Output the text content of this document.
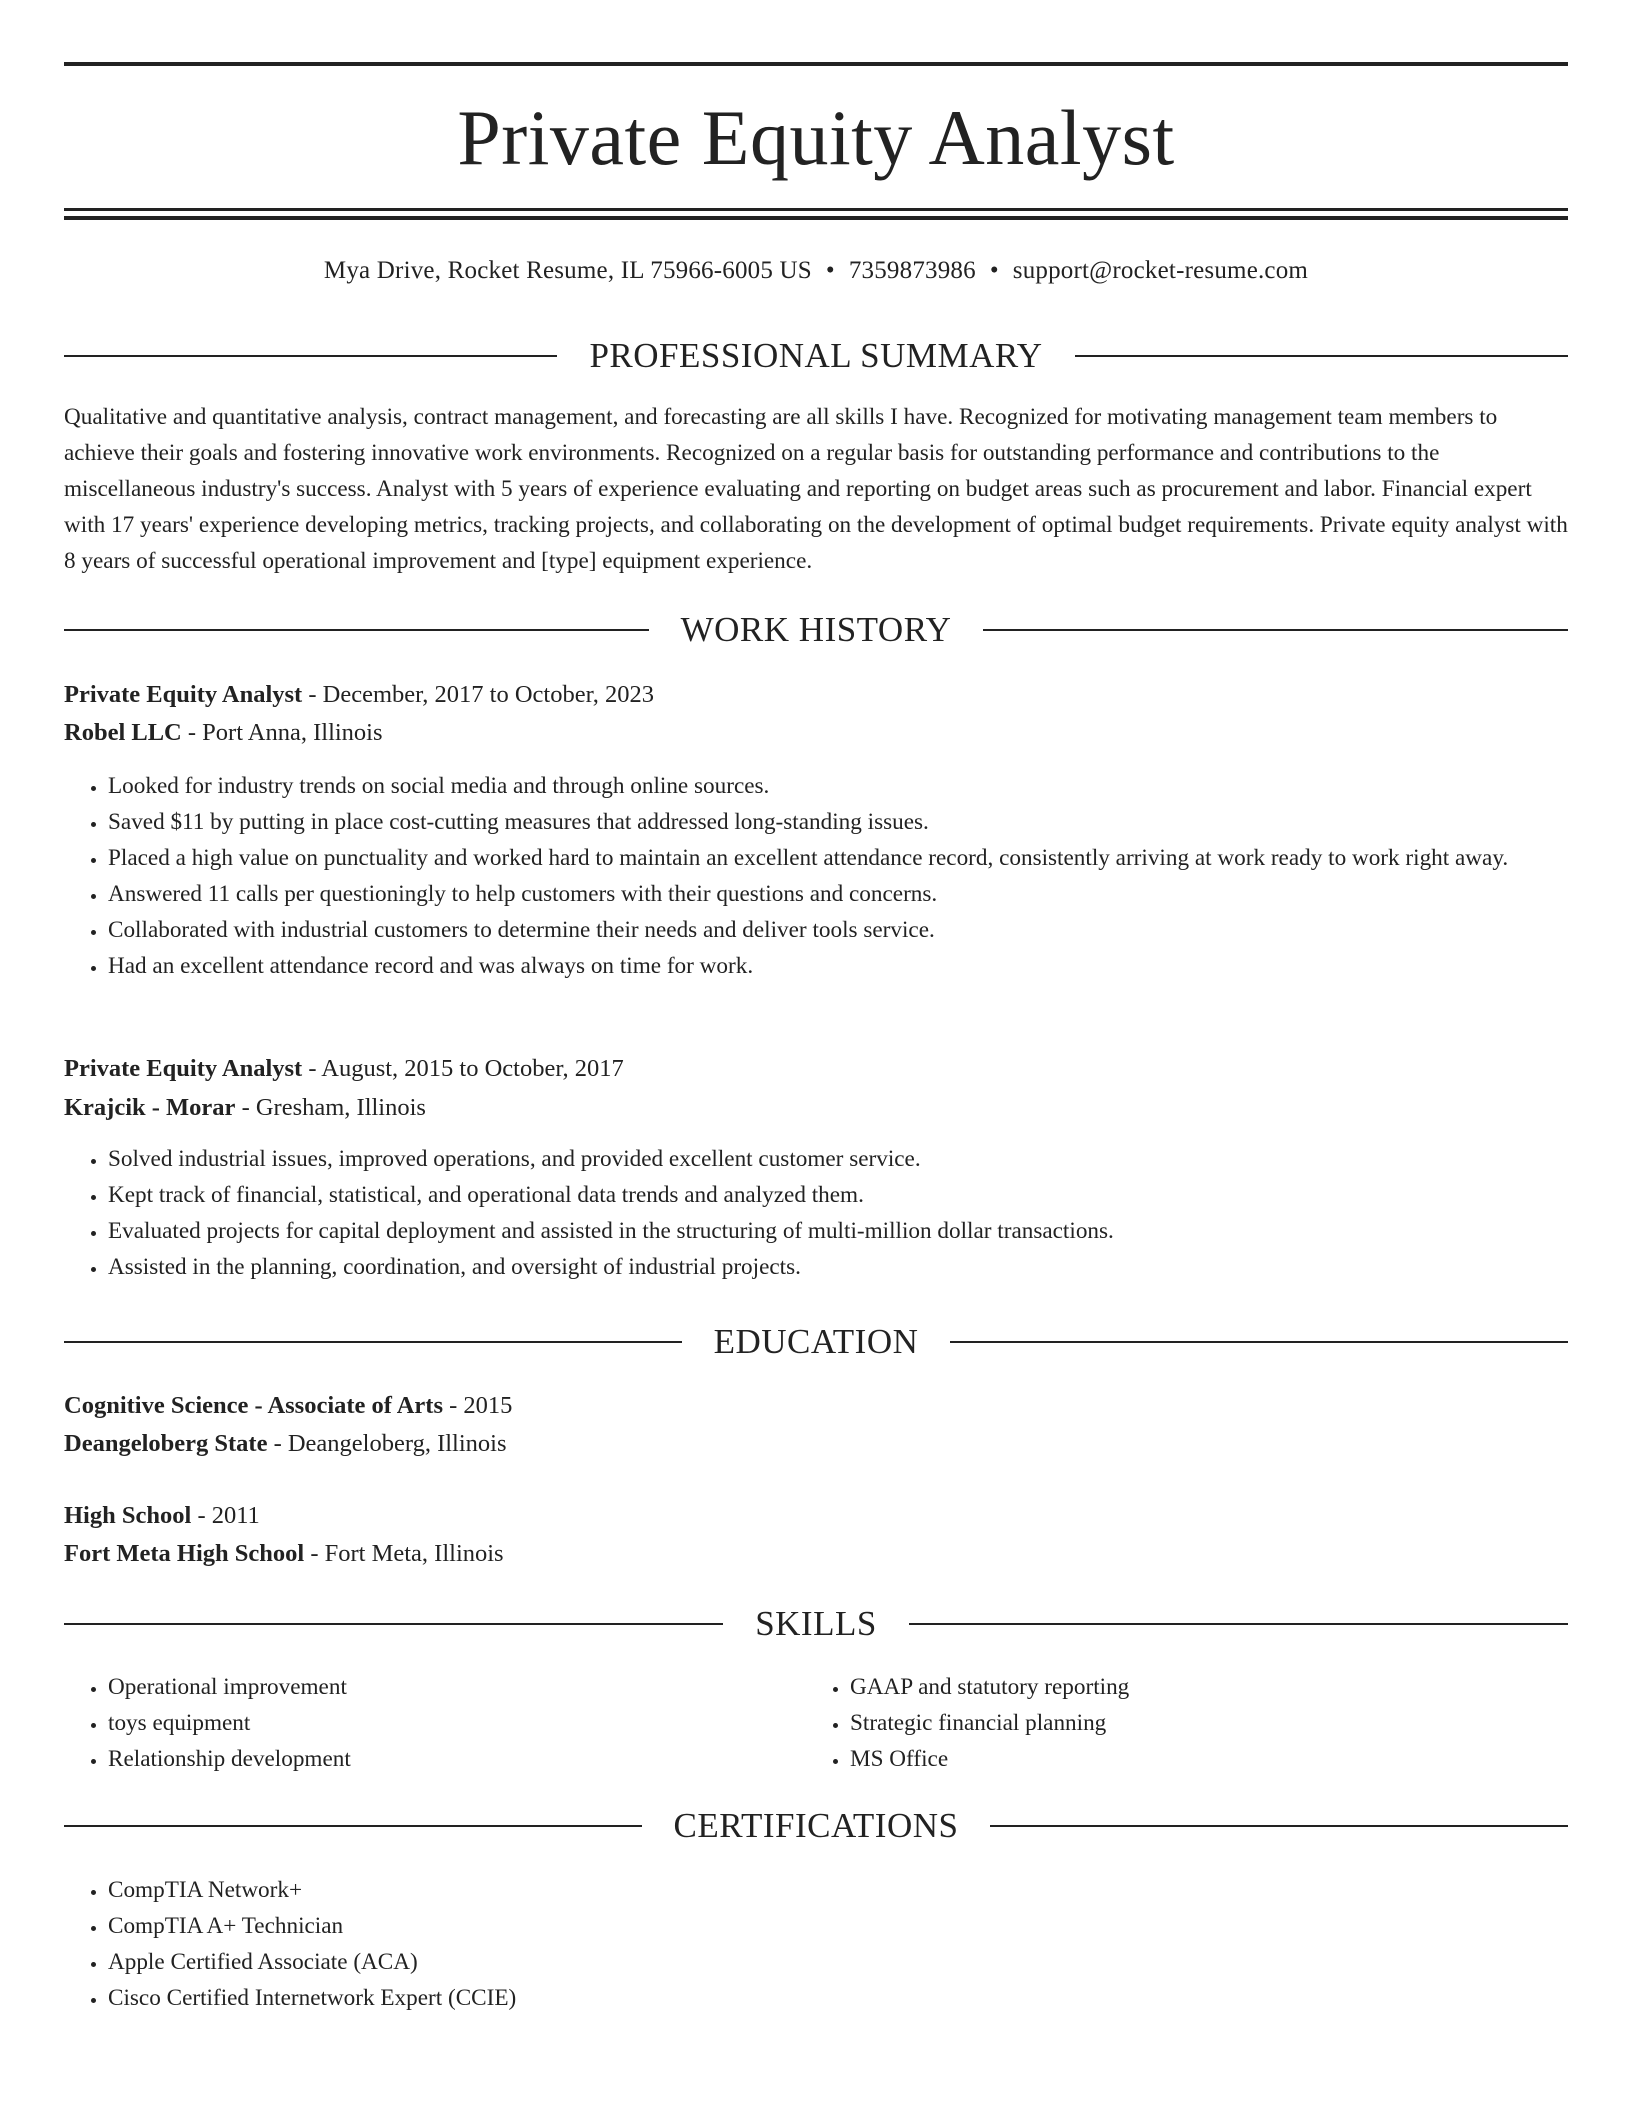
Private Equity Analyst
Mya Drive, Rocket Resume, IL 75966-6005 US • 7359873986 • support@rocket-resume.com
PROFESSIONAL SUMMARY

Qualitative and quantitative analysis, contract management, and forecasting are all skills I have. Recognized for motivating management team members to achieve their goals and fostering innovative work environments. Recognized on a regular basis for outstanding performance and contributions to the miscellaneous industry's success. Analyst with 5 years of experience evaluating and reporting on budget areas such as procurement and labor. Financial expert with 17 years' experience developing metrics, tracking projects, and collaborating on the development of optimal budget requirements. Private equity analyst with 8 years of successful operational improvement and [type] equipment experience.

WORK HISTORY
Private Equity Analyst - December, 2017 to October, 2023
Robel LLC - Port Anna, Illinois
• Looked for industry trends on social media and through online sources.
• Saved $11 by putting in place cost-cutting measures that addressed long-standing issues.
• Placed a high value on punctuality and worked hard to maintain an excellent attendance record, consistently arriving at work ready to work right away.
• Answered 11 calls per questioningly to help customers with their questions and concerns.
• Collaborated with industrial customers to determine their needs and deliver tools service.
• Had an excellent attendance record and was always on time for work.
Private Equity Analyst - August, 2015 to October, 2017
Krajcik - Morar - Gresham, Illinois
• Solved industrial issues, improved operations, and provided excellent customer service.
• Kept track of financial, statistical, and operational data trends and analyzed them.
• Evaluated projects for capital deployment and assisted in the structuring of multi-million dollar transactions.
• Assisted in the planning, coordination, and oversight of industrial projects.
EDUCATION
Cognitive Science - Associate of Arts - 2015
Deangeloberg State - Deangeloberg, Illinois
High School - 2011
Fort Meta High School - Fort Meta, Illinois
SKILLS
• Operational improvement
• toys equipment
• Relationship development
• GAAP and statutory reporting
• Strategic financial planning
• MS Office
CERTIFICATIONS
• CompTIA Network+
• CompTIA A+ Technician
• Apple Certified Associate (ACA)
• Cisco Certified Internetwork Expert (CCIE)
